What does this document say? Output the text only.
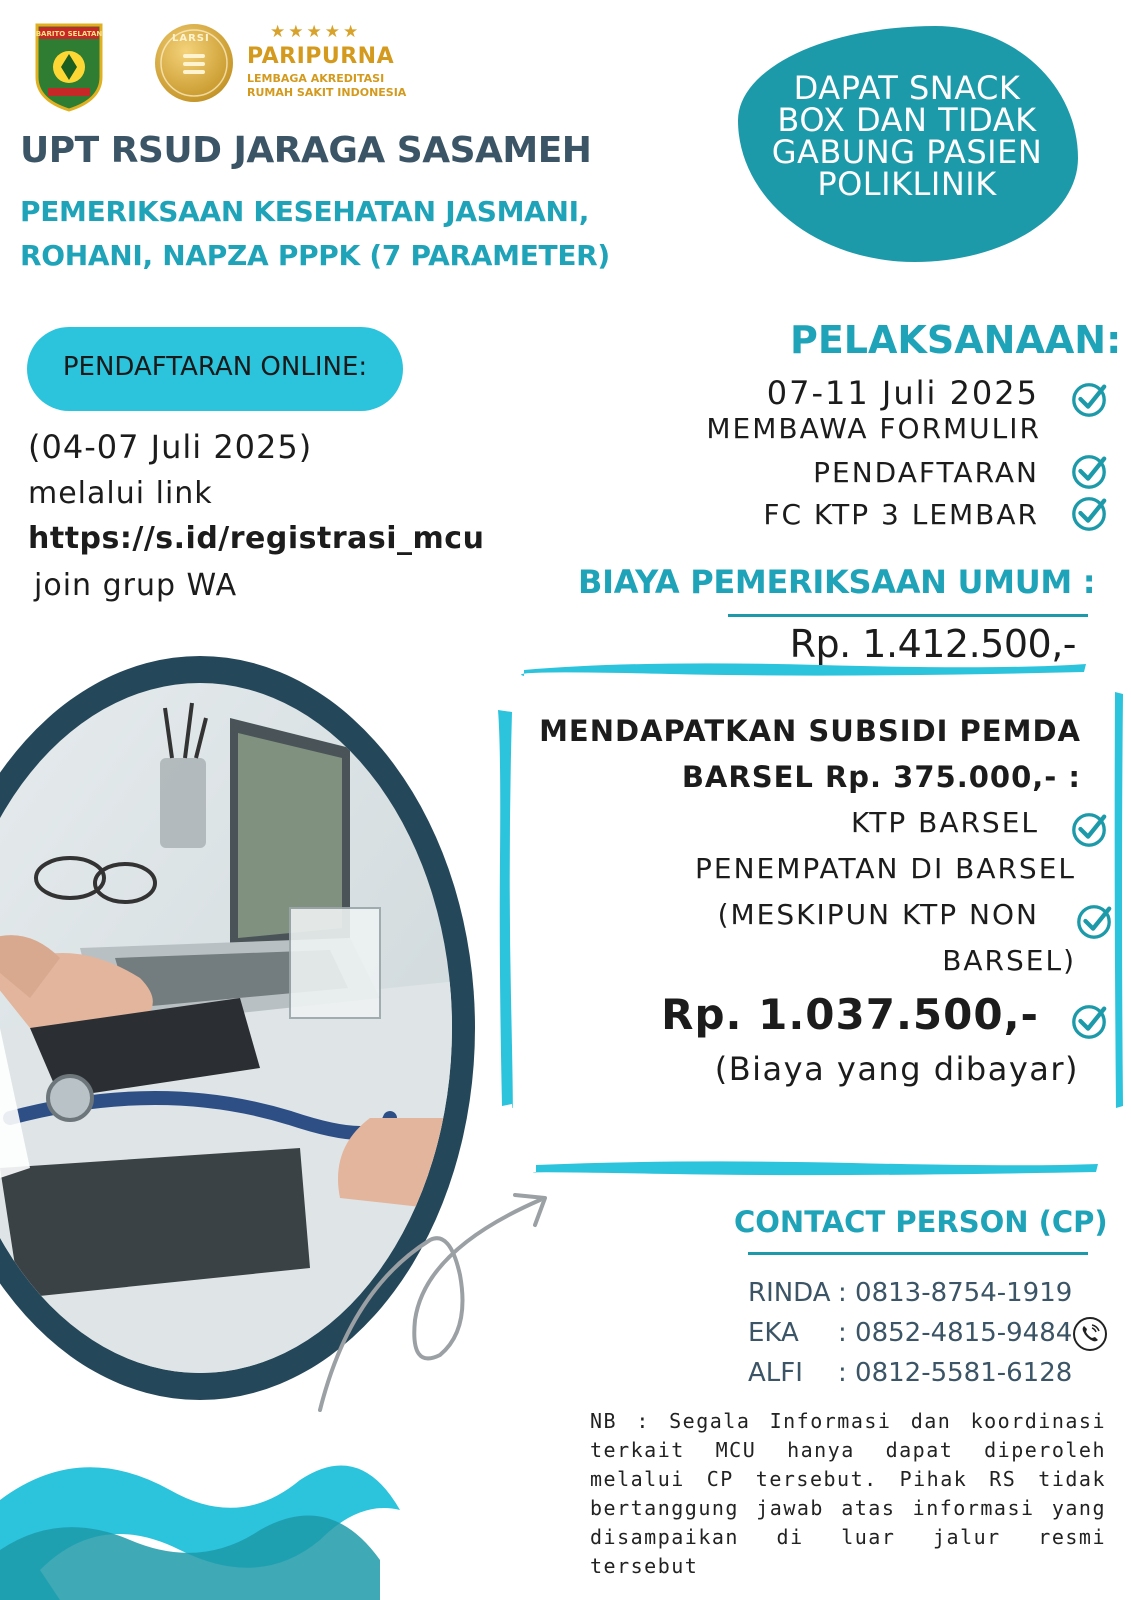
BARITO SELATAN	LARSI	★★★★★
PARIPURNA
LEMBAGA AKREDITASI
RUMAH SAKIT INDONESIA
UPT RSUD JARAGA SASAMEH
PEMERIKSAAN KESEHATAN JASMANI,
ROHANI, NAPZA PPPK (7 PARAMETER)
DAPAT SNACK
BOX DAN TIDAK
GABUNG PASIEN
POLIKLINIK
PENDAFTARAN ONLINE:
(04-07 Juli 2025)
melalui link
https://s.id/registrasi_mcu
join grup WA
PELAKSANAAN:
07-11 Juli 2025
MEMBAWA FORMULIR
PENDAFTARAN
FC KTP 3 LEMBAR
BIAYA PEMERIKSAAN UMUM :
Rp. 1.412.500,-
MENDAPATKAN SUBSIDI PEMDA
BARSEL Rp. 375.000,- :
KTP BARSEL
PENEMPATAN DI BARSEL
(MESKIPUN KTP NON
BARSEL)
Rp. 1.037.500,-
(Biaya yang dibayar)
CONTACT PERSON (CP)
RINDA : 0813-8754-1919
EKA : 0852-4815-9484
ALFI : 0812-5581-6128
NB : Segala Informasi dan koordinasi terkait MCU hanya dapat diperoleh melalui CP tersebut. Pihak RS tidak bertanggung jawab atas informasi yang disampaikan di luar jalur resmi tersebut
